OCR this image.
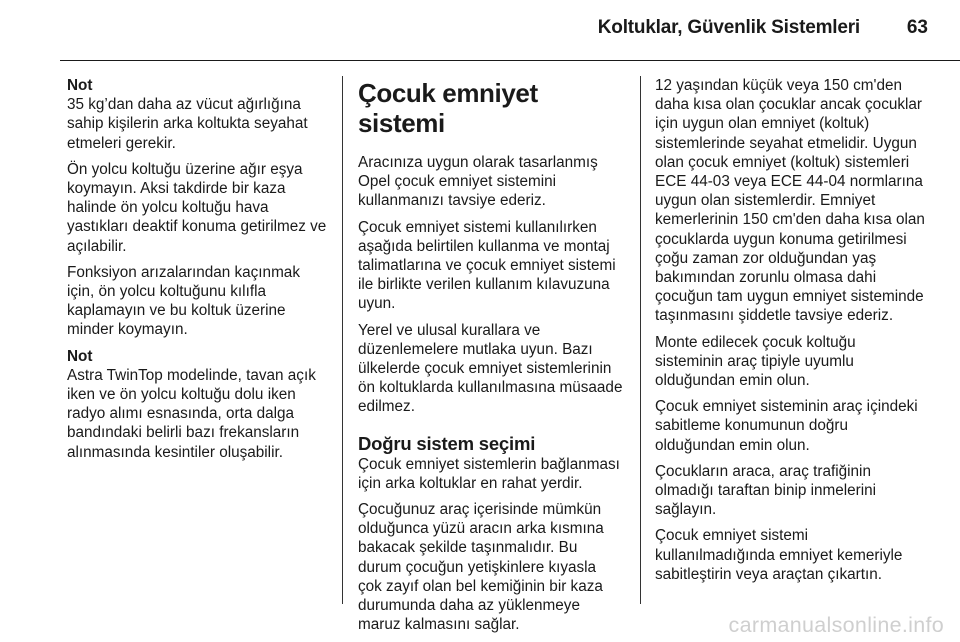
Koltuklar, Güvenlik Sistemleri 63
Not
35 kg’dan daha az vücut ağırlığına sahip kişilerin arka koltukta seyahat etmeleri gerekir.

Ön yolcu koltuğu üzerine ağır eşya koymayın. Aksi takdirde bir kaza halinde ön yolcu koltuğu hava yastıkları deaktif konuma getirilmez ve açılabilir.

Fonksiyon arızalarından kaçınmak için, ön yolcu koltuğunu kılıfla kaplamayın ve bu koltuk üzerine minder koymayın.

Not
Astra TwinTop modelinde, tavan açık iken ve ön yolcu koltuğu dolu iken radyo alımı esnasında, orta dalga bandındaki belirli bazı frekansların alınmasında kesintiler oluşabilir.
Çocuk emniyet sistemi

Aracınıza uygun olarak tasarlanmış Opel çocuk emniyet sistemini kullanmanızı tavsiye ederiz.

Çocuk emniyet sistemi kullanılırken aşağıda belirtilen kullanma ve montaj talimatlarına ve çocuk emniyet sistemi ile birlikte verilen kullanım kılavuzuna uyun.

Yerel ve ulusal kurallara ve düzenlemelere mutlaka uyun. Bazı ülkelerde çocuk emniyet sistemlerinin ön koltuklarda kullanılmasına müsaade edilmez.

Doğru sistem seçimi

Çocuk emniyet sistemlerin bağlanması için arka koltuklar en rahat yerdir.

Çocuğunuz araç içerisinde mümkün olduğunca yüzü aracın arka kısmına bakacak şekilde taşınmalıdır. Bu durum çocuğun yetişkinlere kıyasla çok zayıf olan bel kemiğinin bir kaza durumunda daha az yüklenmeye maruz kalmasını sağlar.

12 yaşından küçük veya 150 cm'den daha kısa olan çocuklar ancak çocuklar için uygun olan emniyet (koltuk) sistemlerinde seyahat etmelidir. Uygun olan çocuk emniyet (koltuk) sistemleri ECE 44-03 veya ECE 44-04 normlarına uygun olan sistemlerdir. Emniyet kemerlerinin 150 cm'den daha kısa olan çocuklarda uygun konuma getirilmesi çoğu zaman zor olduğundan yaş bakımından zorunlu olmasa dahi çocuğun tam uygun emniyet sisteminde taşınmasını şiddetle tavsiye ederiz.

Monte edilecek çocuk koltuğu sisteminin araç tipiyle uyumlu olduğundan emin olun.

Çocuk emniyet sisteminin araç içindeki sabitleme konumunun doğru olduğundan emin olun.

Çocukların araca, araç trafiğinin olmadığı taraftan binip inmelerini sağlayın.

Çocuk emniyet sistemi kullanılmadığında emniyet kemeriyle sabitleştirin veya araçtan çıkartın.

carmanualsonline.info
